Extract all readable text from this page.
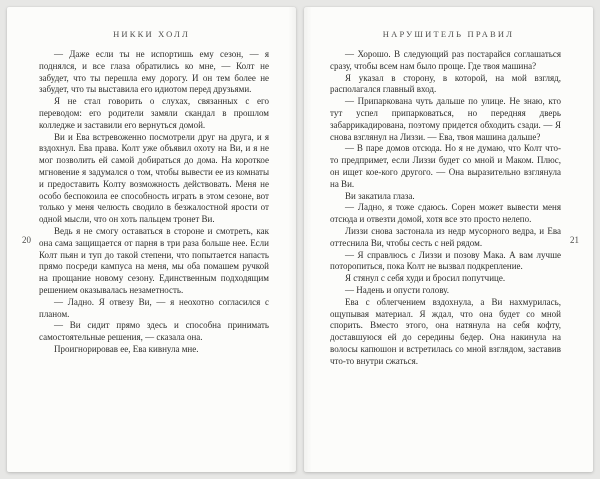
НИККИ ХОЛЛ
20

— Даже если ты не испортишь ему сезон, — я поднялся, и все глаза обратились ко мне, — Колт не забудет, что ты перешла ему дорогу. И он тем более не забудет, что ты выставила его идиотом перед друзьями.

Я не стал говорить о слухах, связанных с его переводом: его родители замяли скандал в прошлом колледже и заставили его вернуться домой.

Ви и Ева встревоженно посмотрели друг на друга, и я вздохнул. Ева права. Колт уже объявил охоту на Ви, и я не мог позволить ей самой добираться до дома. На короткое мгновение я задумался о том, чтобы вывести ее из комнаты и предоставить Колту возможность действовать. Меня не особо беспокоила ее способность играть в этом сезоне, вот только у меня челюсть сводило в безжалостной ярости от одной мысли, что он хоть пальцем тронет Ви.

Ведь я не смогу оставаться в стороне и смотреть, как она сама защищается от парня в три раза больше нее. Если Колт пьян и туп до такой степени, что попытается напасть прямо посреди кампуса на меня, мы оба помашем ручкой на прощание новому сезону. Единственным подходящим решением оказывалась незаметность.

— Ладно. Я отвезу Ви, — я неохотно согласился с планом.

— Ви сидит прямо здесь и способна принимать самостоятельные решения, — сказала она.

Проигнорировав ее, Ева кивнула мне.

НАРУШИТЕЛЬ ПРАВИЛ
21

— Хорошо. В следующий раз постарайся соглашаться сразу, чтобы всем нам было проще. Где твоя машина?

Я указал в сторону, в которой, на мой взгляд, располагался главный вход.

— Припаркована чуть дальше по улице. Не знаю, кто тут успел припарковаться, но передняя дверь забаррикадирована, поэтому придется обходить сзади. — Я снова взглянул на Лиззи. — Ева, твоя машина дальше?

— В паре домов отсюда. Но я не думаю, что Колт что-то предпримет, если Лиззи будет со мной и Маком. Плюс, он ищет кое-кого другого. — Она выразительно взглянула на Ви.

Ви закатила глаза.

— Ладно, я тоже сдаюсь. Сорен может вывести меня отсюда и отвезти домой, хотя все это просто нелепо.

Лиззи снова застонала из недр мусорного ведра, и Ева оттеснила Ви, чтобы сесть с ней рядом.

— Я справлюсь с Лиззи и позову Мака. А вам лучше поторопиться, пока Колт не вызвал подкрепление.

Я стянул с себя худи и бросил попутчице.

— Надень и опусти голову.

Ева с облегчением вздохнула, а Ви нахмурилась, ощупывая материал. Я ждал, что она будет со мной спорить. Вместо этого, она натянула на себя кофту, доставшуюся ей до середины бедер. Она накинула на волосы капюшон и встретилась со мной взглядом, заставив что-то внутри сжаться.
